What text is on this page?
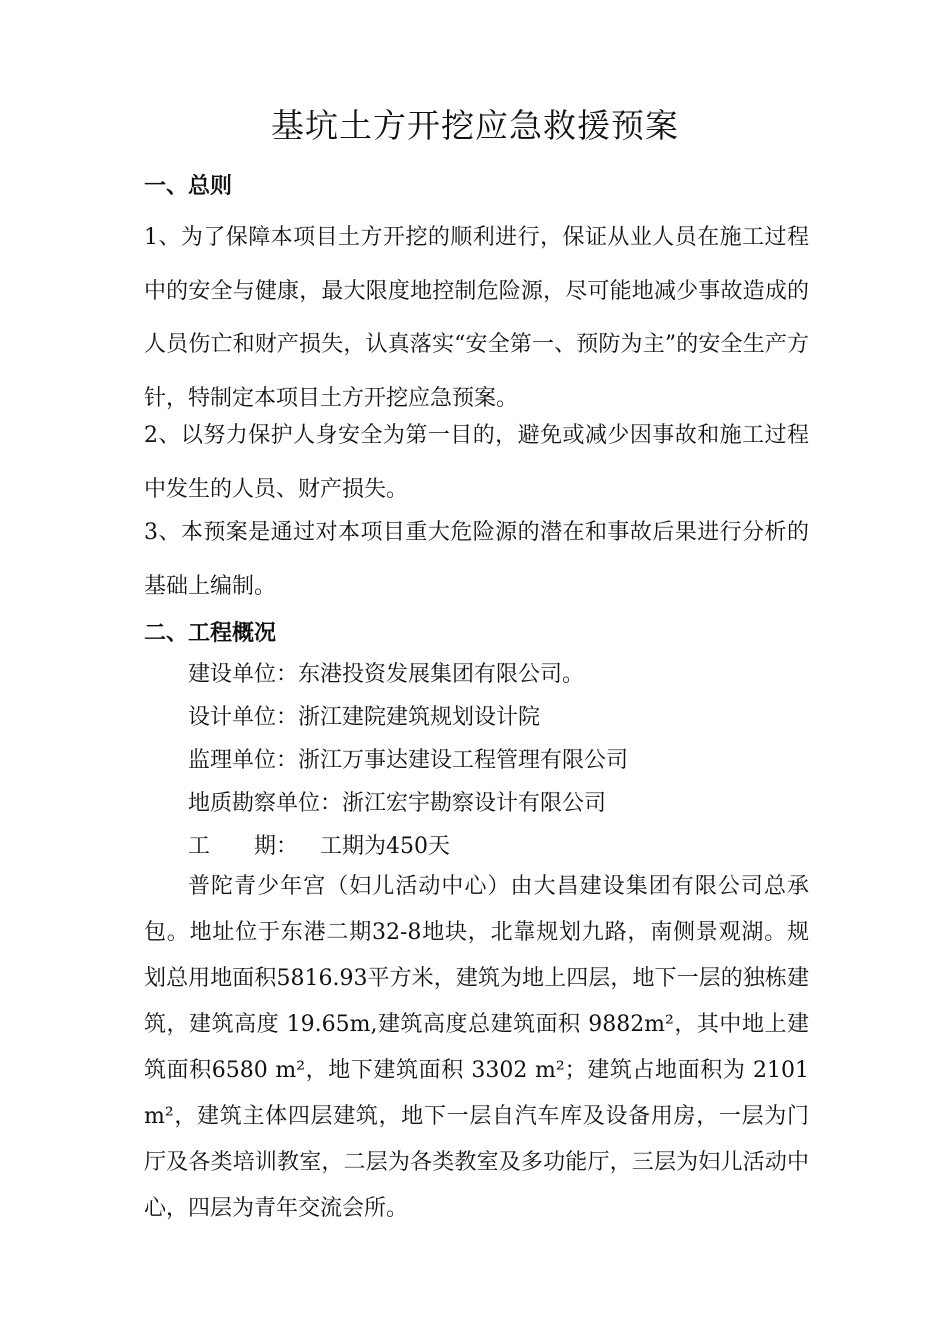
基坑土方开挖应急救援预案
一、总则

1、为了保障本项目土方开挖的顺利进行，保证从业人员在施工过程中的安全与健康，最大限度地控制危险源，尽可能地减少事故造成的人员伤亡和财产损失，认真落实“安全第一、预防为主”的安全生产方针，特制定本项目土方开挖应急预案。

2、以努力保护人身安全为第一目的，避免或减少因事故和施工过程中发生的人员、财产损失。

3、本预案是通过对本项目重大危险源的潜在和事故后果进行分析的基础上编制。

二、工程概况

建设单位：东港投资发展集团有限公司。

设计单位：浙江建院建筑规划设计院

监理单位：浙江万事达建设工程管理有限公司

地质勘察单位：浙江宏宇勘察设计有限公司

工 期： 工期为450天

普陀青少年宫（妇儿活动中心）由大昌建设集团有限公司总承包。地址位于东港二期32-8地块，北靠规划九路，南侧景观湖。规划总用地面积5816.93平方米，建筑为地上四层，地下一层的独栋建筑，建筑高度 19.65m,建筑高度总建筑面积 9882m²，其中地上建筑面积6580 m²，地下建筑面积 3302 m²；建筑占地面积为 2101 m²，建筑主体四层建筑，地下一层自汽车库及设备用房，一层为门厅及各类培训教室，二层为各类教室及多功能厅，三层为妇儿活动中心，四层为青年交流会所。
